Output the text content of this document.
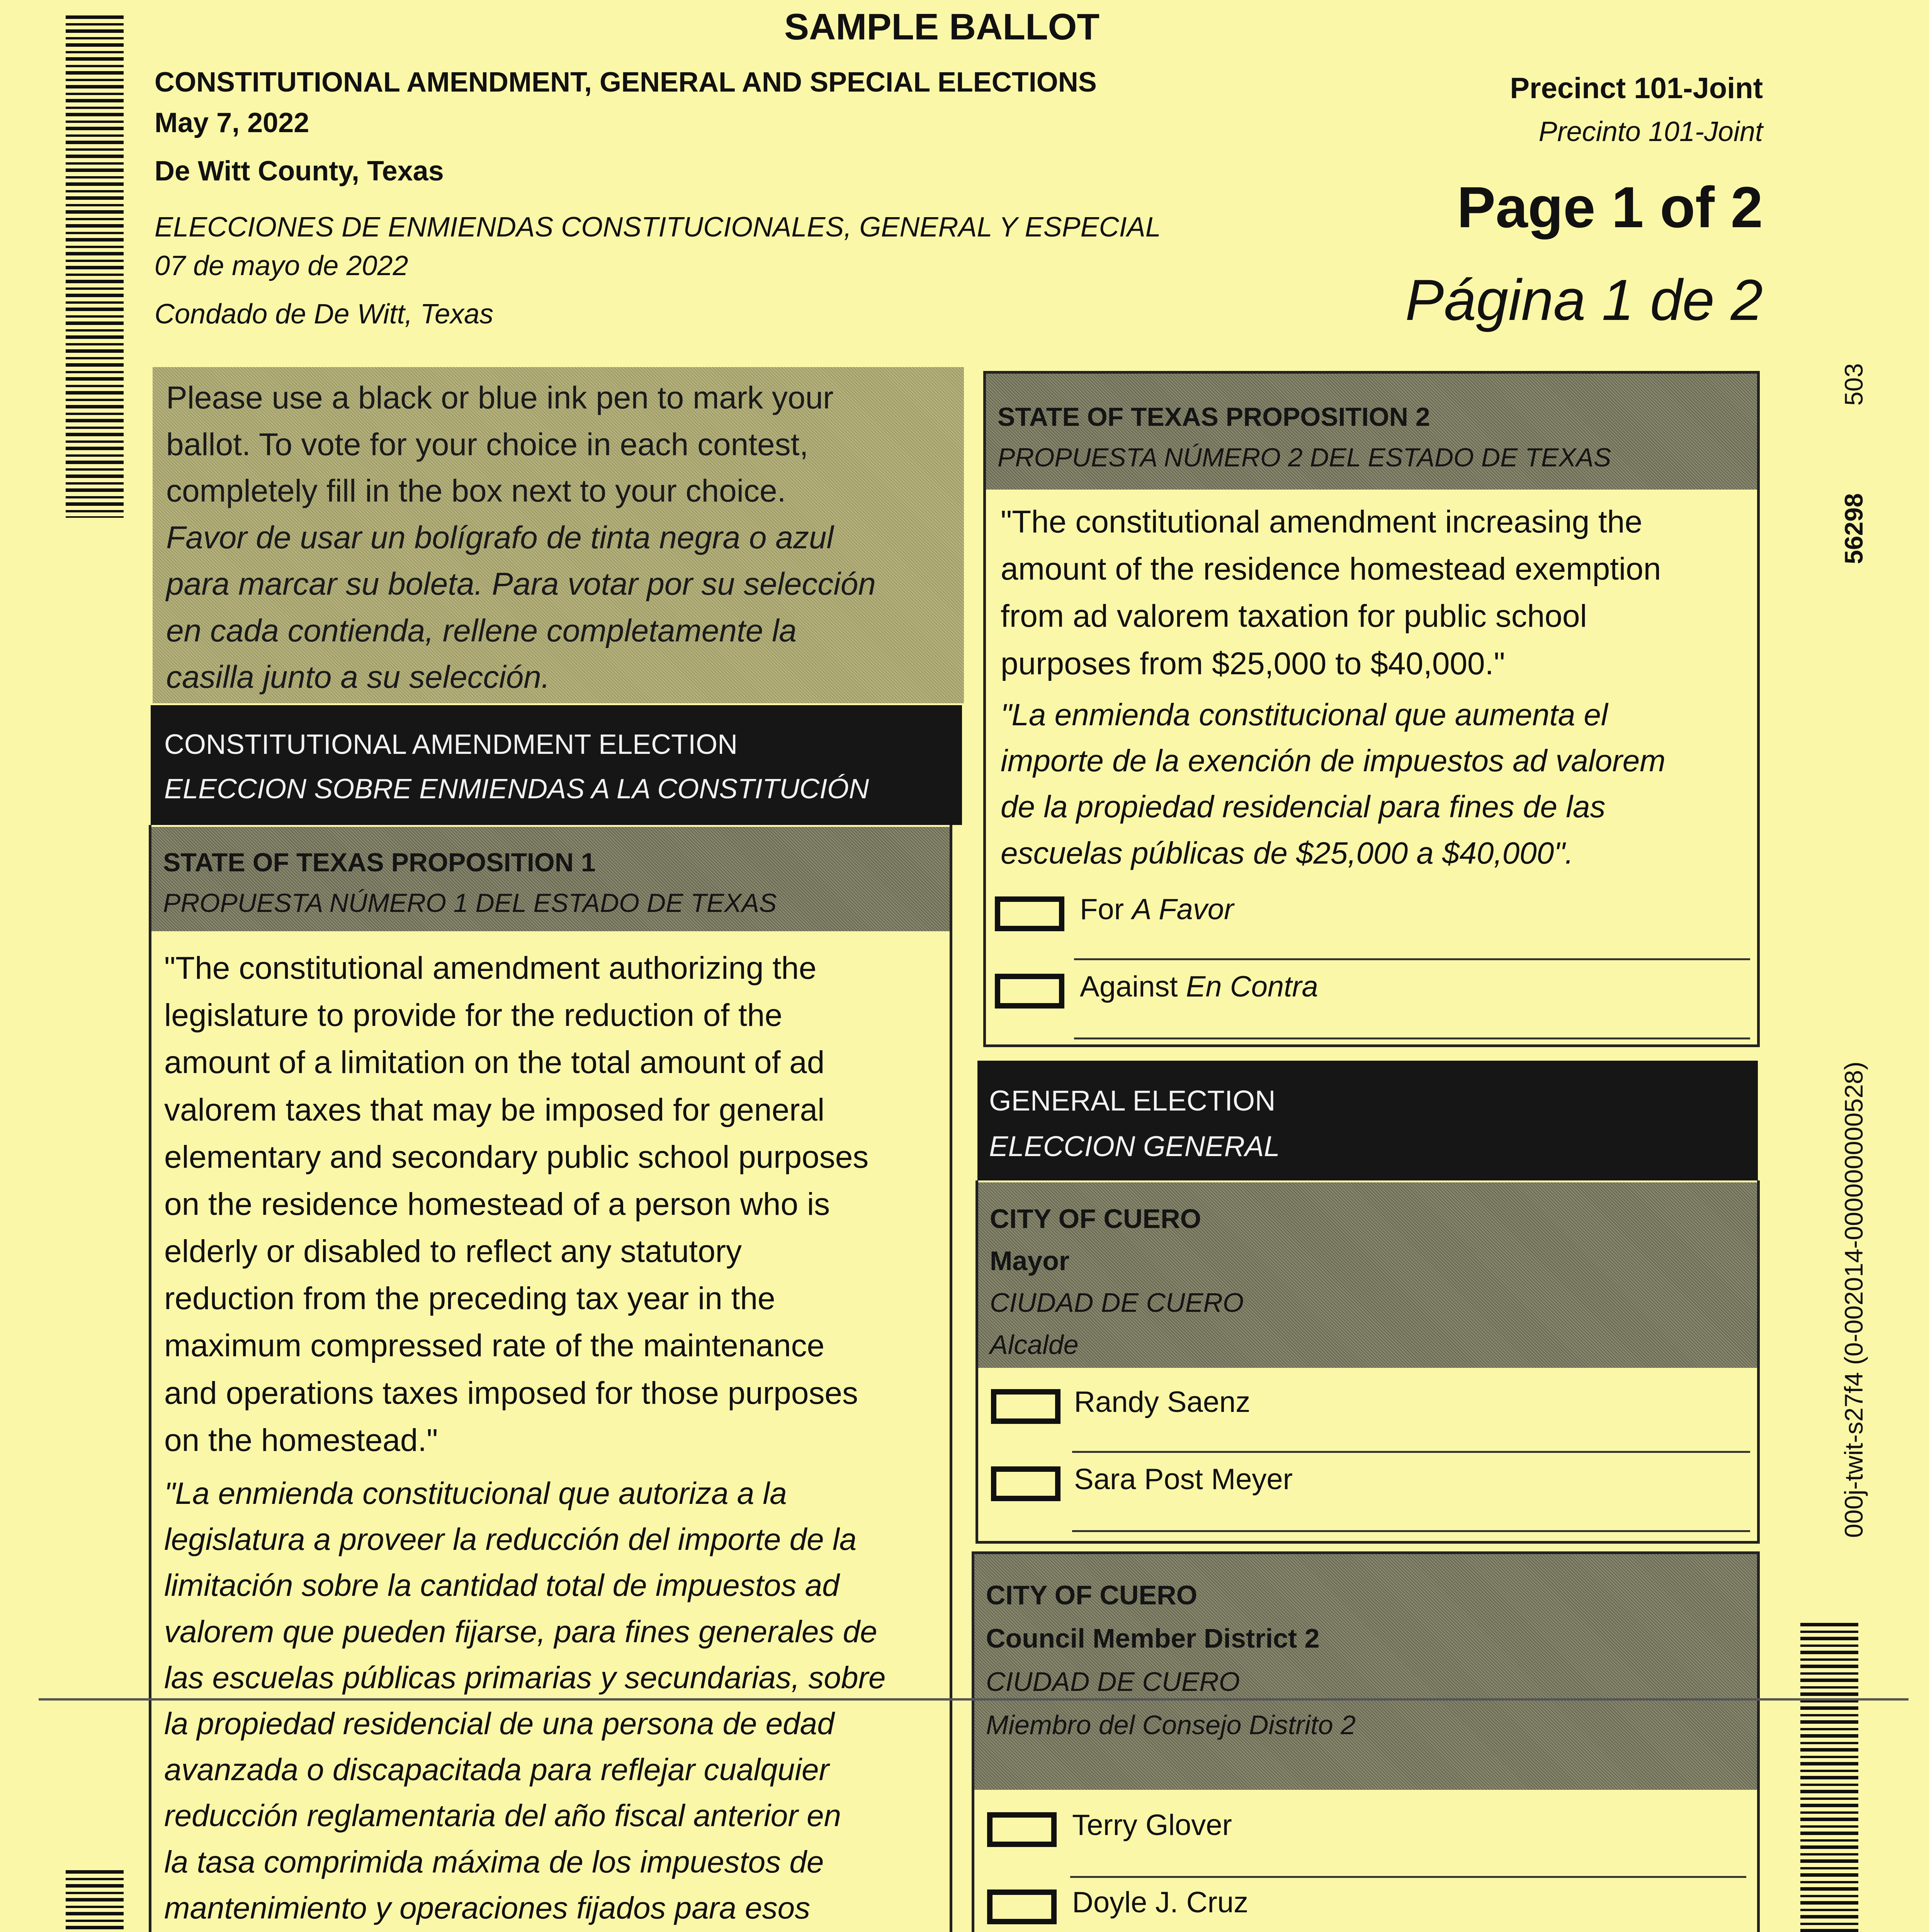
SAMPLE BALLOT
CONSTITUTIONAL AMENDMENT, GENERAL AND SPECIAL ELECTIONS
May 7, 2022
De Witt County, Texas
ELECCIONES DE ENMIENDAS CONSTITUCIONALES, GENERAL Y ESPECIAL
07 de mayo de 2022
Condado de De Witt, Texas
Precinct 101-Joint
Precinto 101-Joint
Page 1 of 2
Página 1 de 2
503
56298
000j-twit-s27f4 (0-002014-000000000528)
Please use a black or blue ink pen to mark your
ballot. To vote for your choice in each contest,
completely fill in the box next to your choice.
Favor de usar un bolígrafo de tinta negra o azul
para marcar su boleta. Para votar por su selección
en cada contienda, rellene completamente la
casilla junto a su selección.
CONSTITUTIONAL AMENDMENT ELECTION
ELECCION SOBRE ENMIENDAS A LA CONSTITUCIÓN
STATE OF TEXAS PROPOSITION 1
PROPUESTA NÚMERO 1 DEL ESTADO DE TEXAS
"The constitutional amendment authorizing the
legislature to provide for the reduction of the
amount of a limitation on the total amount of ad
valorem taxes that may be imposed for general
elementary and secondary public school purposes
on the residence homestead of a person who is
elderly or disabled to reflect any statutory
reduction from the preceding tax year in the
maximum compressed rate of the maintenance
and operations taxes imposed for those purposes
on the homestead."
"La enmienda constitucional que autoriza a la
legislatura a proveer la reducción del importe de la
limitación sobre la cantidad total de impuestos ad
valorem que pueden fijarse, para fines generales de
las escuelas públicas primarias y secundarias, sobre
la propiedad residencial de una persona de edad
avanzada o discapacitada para reflejar cualquier
reducción reglamentaria del año fiscal anterior en
la tasa comprimida máxima de los impuestos de
mantenimiento y operaciones fijados para esos
STATE OF TEXAS PROPOSITION 2
PROPUESTA NÚMERO 2 DEL ESTADO DE TEXAS
"The constitutional amendment increasing the
amount of the residence homestead exemption
from ad valorem taxation for public school
purposes from $25,000 to $40,000."
"La enmienda constitucional que aumenta el
importe de la exención de impuestos ad valorem
de la propiedad residencial para fines de las
escuelas públicas de $25,000 a $40,000".
For A Favor
Against En Contra
GENERAL ELECTION
ELECCION GENERAL
CITY OF CUERO
Mayor
CIUDAD DE CUERO
Alcalde
Randy Saenz
Sara Post Meyer
CITY OF CUERO
Council Member District 2
CIUDAD DE CUERO
Miembro del Consejo Distrito 2
Terry Glover
Doyle J. Cruz
